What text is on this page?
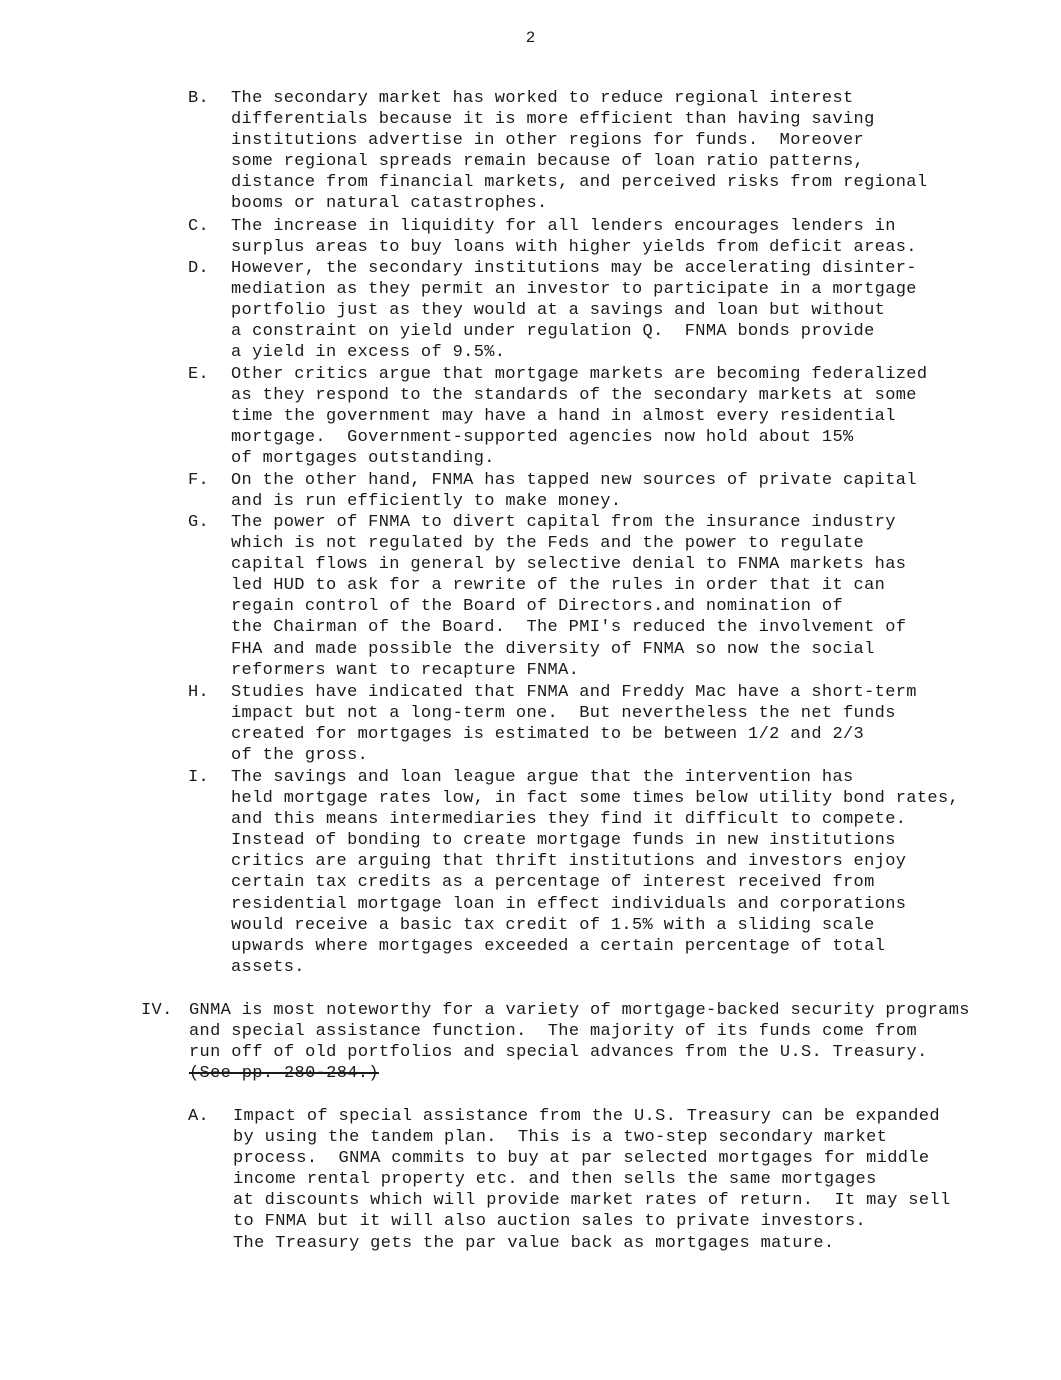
2
B. The secondary market has worked to reduce regional interest
differentials because it is more efficient than having saving
institutions advertise in other regions for funds.  Moreover
some regional spreads remain because of loan ratio patterns,
distance from financial markets, and perceived risks from regional
booms or natural catastrophes.
C. The increase in liquidity for all lenders encourages lenders in
surplus areas to buy loans with higher yields from deficit areas.
D. However, the secondary institutions may be accelerating disinter-
mediation as they permit an investor to participate in a mortgage
portfolio just as they would at a savings and loan but without
a constraint on yield under regulation Q.  FNMA bonds provide
a yield in excess of 9.5%.
E. Other critics argue that mortgage markets are becoming federalized
as they respond to the standards of the secondary markets at some
time the government may have a hand in almost every residential
mortgage.  Government-supported agencies now hold about 15%
of mortgages outstanding.
F. On the other hand, FNMA has tapped new sources of private capital
and is run efficiently to make money.
G. The power of FNMA to divert capital from the insurance industry
which is not regulated by the Feds and the power to regulate
capital flows in general by selective denial to FNMA markets has
led HUD to ask for a rewrite of the rules in order that it can
regain control of the Board of Directors.and nomination of
the Chairman of the Board.  The PMI's reduced the involvement of
FHA and made possible the diversity of FNMA so now the social
reformers want to recapture FNMA.
H. Studies have indicated that FNMA and Freddy Mac have a short-term
impact but not a long-term one.  But nevertheless the net funds
created for mortgages is estimated to be between 1/2 and 2/3
of the gross.
I. The savings and loan league argue that the intervention has
held mortgage rates low, in fact some times below utility bond rates,
and this means intermediaries they find it difficult to compete.
Instead of bonding to create mortgage funds in new institutions
critics are arguing that thrift institutions and investors enjoy
certain tax credits as a percentage of interest received from
residential mortgage loan in effect individuals and corporations
would receive a basic tax credit of 1.5% with a sliding scale
upwards where mortgages exceeded a certain percentage of total
assets.
IV. GNMA is most noteworthy for a variety of mortgage-backed security programs
and special assistance function.  The majority of its funds come from
run off of old portfolios and special advances from the U.S. Treasury.
(See pp. 280-284.)
A. Impact of special assistance from the U.S. Treasury can be expanded
by using the tandem plan.  This is a two-step secondary market
process.  GNMA commits to buy at par selected mortgages for middle
income rental property etc. and then sells the same mortgages
at discounts which will provide market rates of return.  It may sell
to FNMA but it will also auction sales to private investors.
The Treasury gets the par value back as mortgages mature.
